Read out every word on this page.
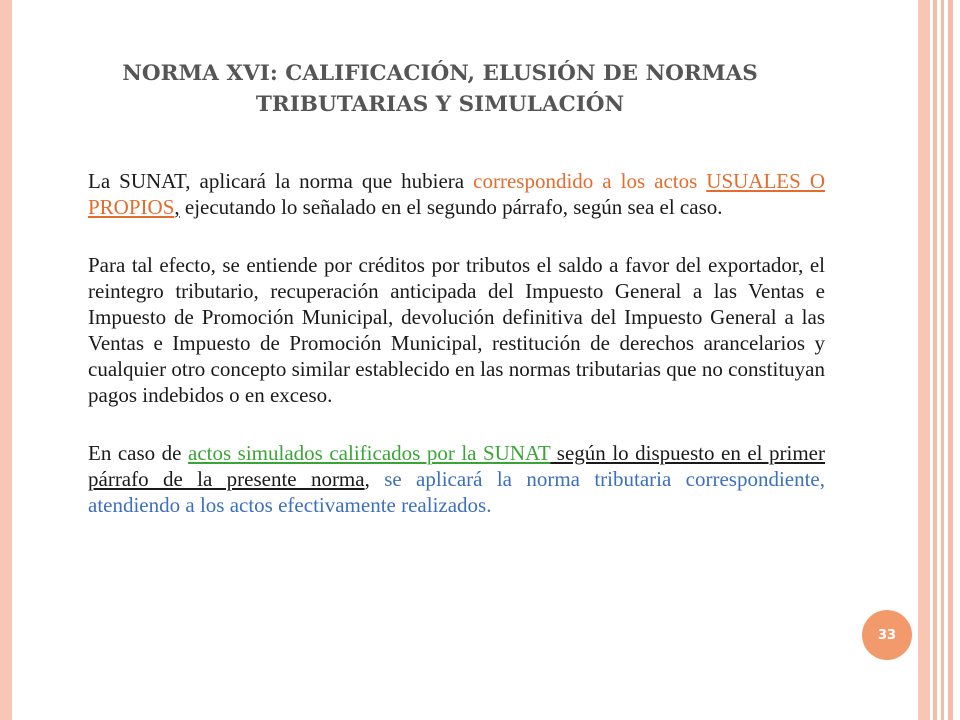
NORMA XVI: CALIFICACIÓN, ELUSIÓN DE NORMAS
TRIBUTARIAS Y SIMULACIÓN

La SUNAT, aplicará la norma que hubiera correspondido a los actos USUALES O PROPIOS, ejecutando lo señalado en el segundo párrafo, según sea el caso.

Para tal efecto, se entiende por créditos por tributos el saldo a favor del exportador, el reintegro tributario, recuperación anticipada del Impuesto General a las Ventas e Impuesto de Promoción Municipal, devolución definitiva del Impuesto General a las Ventas e Impuesto de Promoción Municipal, restitución de derechos arancelarios y cualquier otro concepto similar establecido en las normas tributarias que no constituyan pagos indebidos o en exceso.

En caso de actos simulados calificados por la SUNAT según lo dispuesto en el primer párrafo de la presente norma, se aplicará la norma tributaria correspondiente, atendiendo a los actos efectivamente realizados.

33
